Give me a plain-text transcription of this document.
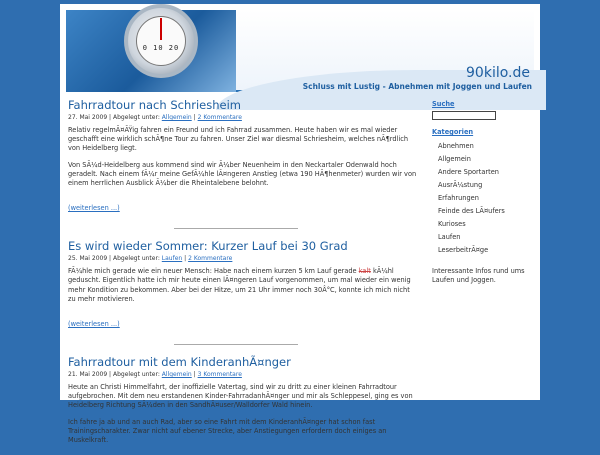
0 10 20
90kilo.de
Schluss mit Lustig - Abnehmen mit Joggen und Laufen
Fahrradtour nach Schriesheim
27. Mai 2009 | Abgelegt unter: Allgemein | 2 Kommentare

Relativ regelmÃ¤ÃŸig fahren ein Freund und ich Fahrrad zusammen. Heute haben wir es mal wieder geschafft eine wirklich schÃ¶ne Tour zu fahren. Unser Ziel war diesmal Schriesheim, welches nÃ¶rdlich von Heidelberg liegt.

Von SÃ¼d-Heidelberg aus kommend sind wir Ã¼ber Neuenheim in den Neckartaler Odenwald hoch geradelt. Nach einem fÃ¼r meine GefÃ¼hle lÃ¤ngeren Anstieg (etwa 190 HÃ¶henmeter) wurden wir von einem herrlichen Ausblick Ã¼ber die Rheintalebene belohnt.

(weiterlesen ...)
Es wird wieder Sommer: Kurzer Lauf bei 30 Grad
25. Mai 2009 | Abgelegt unter: Laufen | 2 Kommentare

FÃ¼hle mich gerade wie ein neuer Mensch: Habe nach einem kurzen 5 km Lauf gerade kalt kÃ¼hl geduscht. Eigentlich hatte ich mir heute einen lÃ¤ngeren Lauf vorgenommen, um mal wieder ein wenig mehr Kondition zu bekommen. Aber bei der Hitze, um 21 Uhr immer noch 30Â°C, konnte ich mich nicht zu mehr motivieren.

(weiterlesen ...)
Fahrradtour mit dem KinderanhÃ¤nger
21. Mai 2009 | Abgelegt unter: Allgemein | 3 Kommentare

Heute an Christi Himmelfahrt, der inoffizielle Vatertag, sind wir zu dritt zu einer kleinen Fahrradtour aufgebrochen. Mit dem neu erstandenen Kinder-FahrradanhÃ¤nger und mir als Schleppesel, ging es von Heidelberg Richtung SÃ¼den in den SandhÃ¤user/Walldorfer Wald hinein.

Ich fahre ja ab und an auch Rad, aber so eine Fahrt mit dem KinderanhÃ¤nger hat schon fast Trainingscharakter. Zwar nicht auf ebener Strecke, aber Anstiegungen erfordern doch einiges an Muskelkraft.

Suche
Kategorien
Abnehmen
Allgemein
Andere Sportarten
AusrÃ¼stung
Erfahrungen
Feinde des LÃ¤ufers
Kurioses
Laufen
LeserbeitrÃ¤ge

Interessante Infos rund ums Laufen und Joggen.
